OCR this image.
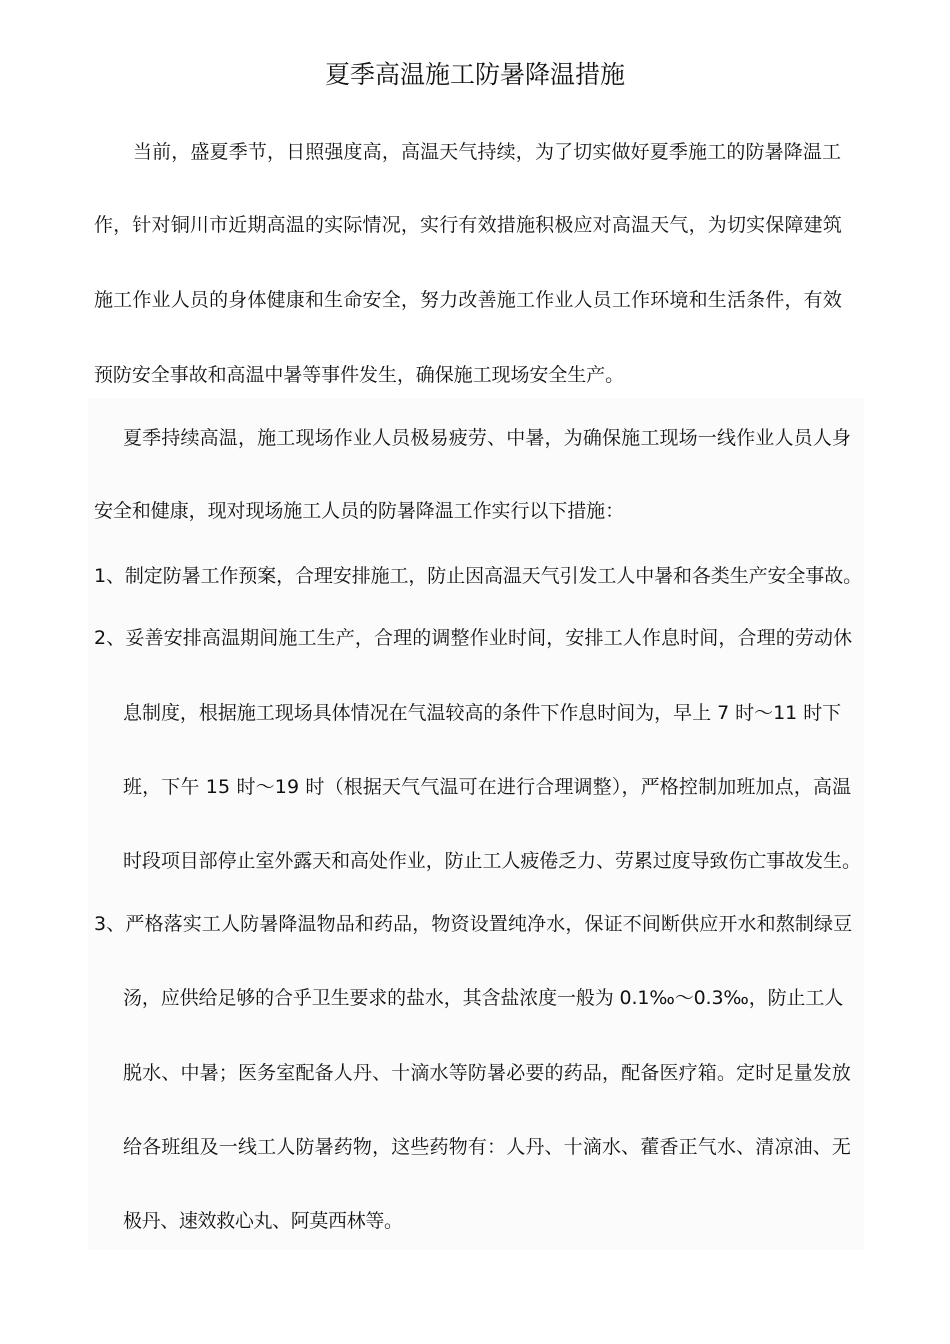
夏季高温施工防暑降温措施
当前，盛夏季节，日照强度高，高温天气持续，为了切实做好夏季施工的防暑降温工
作，针对铜川市近期高温的实际情况，实行有效措施积极应对高温天气，为切实保障建筑
施工作业人员的身体健康和生命安全，努力改善施工作业人员工作环境和生活条件，有效
预防安全事故和高温中暑等事件发生，确保施工现场安全生产。
夏季持续高温，施工现场作业人员极易疲劳、中暑，为确保施工现场一线作业人员人身
安全和健康，现对现场施工人员的防暑降温工作实行以下措施：
1、制定防暑工作预案，合理安排施工，防止因高温天气引发工人中暑和各类生产安全事故。
2、妥善安排高温期间施工生产，合理的调整作业时间，安排工人作息时间，合理的劳动休
息制度，根据施工现场具体情况在气温较高的条件下作息时间为，早上 7 时～11 时下
班，下午 15 时～19 时（根据天气气温可在进行合理调整），严格控制加班加点，高温
时段项目部停止室外露天和高处作业，防止工人疲倦乏力、劳累过度导致伤亡事故发生。
3、严格落实工人防暑降温物品和药品，物资设置纯净水，保证不间断供应开水和熬制绿豆
汤，应供给足够的合乎卫生要求的盐水，其含盐浓度一般为 0.1‰～0.3‰，防止工人
脱水、中暑；医务室配备人丹、十滴水等防暑必要的药品，配备医疗箱。定时足量发放
给各班组及一线工人防暑药物，这些药物有：人丹、十滴水、藿香正气水、清凉油、无
极丹、速效救心丸、阿莫西林等。
